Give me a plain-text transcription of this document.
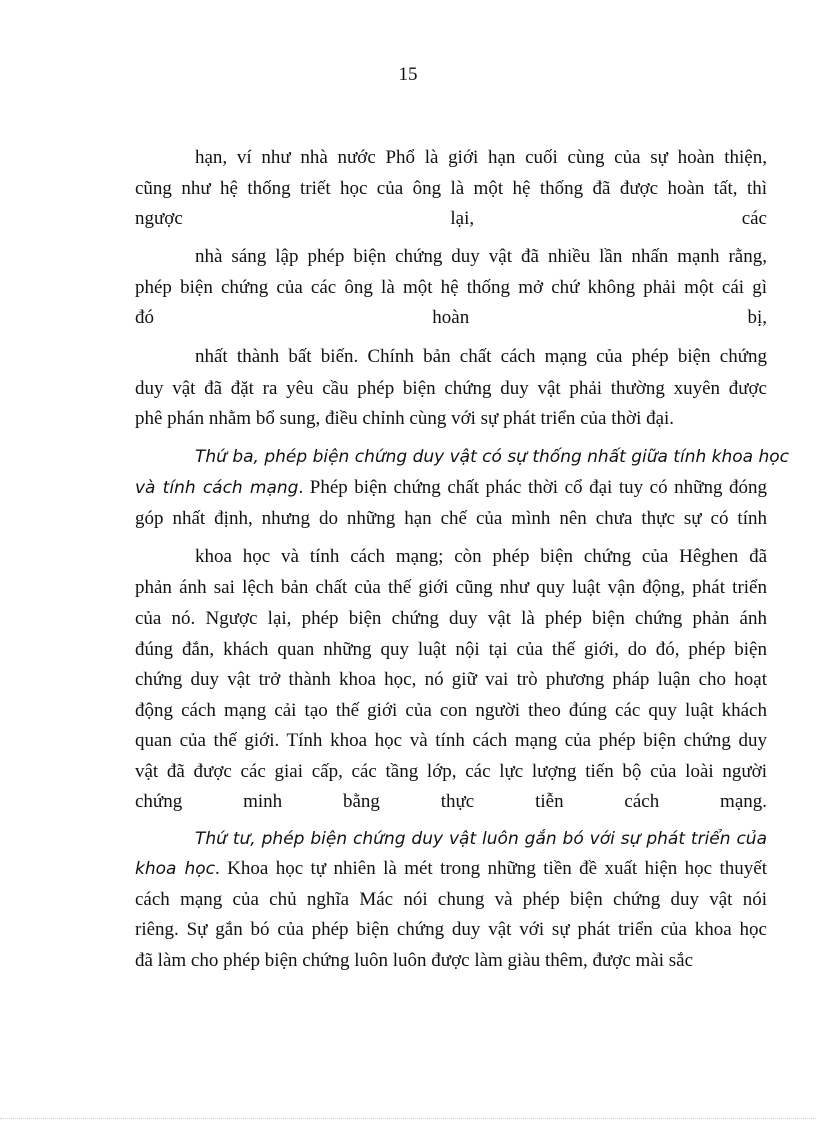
15
hạn, ví như nhà nước Phổ là giới hạn cuối cùng của sự hoàn thiện,
cũng như hệ thống triết học của ông là một hệ thống đã được hoàn tất, thì
ngược lại, các
nhà sáng lập phép biện chứng duy vật đã nhiều lần nhấn mạnh rằng,
phép biện chứng của các ông là một hệ thống mở chứ không phải một cái gì
đó hoàn bị,
nhất thành bất biến. Chính bản chất cách mạng của phép biện chứng
duy vật đã đặt ra yêu cầu phép biện chứng duy vật phải thường xuyên được
phê phán nhằm bổ sung, điều chỉnh cùng với sự phát triển của thời đại.
Thứ ba, phép biện chứng duy vật có sự thống nhất giữa tính khoa học
và tính cách mạng. Phép biện chứng chất phác thời cổ đại tuy có những đóng
góp nhất định, nhưng do những hạn chế của mình nên chưa thực sự có tính
khoa học và tính cách mạng; còn phép biện chứng của Hêghen đã
phản ánh sai lệch bản chất của thế giới cũng như quy luật vận động, phát triển
của nó. Ngược lại, phép biện chứng duy vật là phép biện chứng phản ánh
đúng đắn, khách quan những quy luật nội tại của thế giới, do đó, phép biện
chứng duy vật trở thành khoa học, nó giữ vai trò phương pháp luận cho hoạt
động cách mạng cải tạo thế giới của con người theo đúng các quy luật khách
quan của thế giới. Tính khoa học và tính cách mạng của phép biện chứng duy
vật đã được các giai cấp, các tầng lớp, các lực lượng tiến bộ của loài người
chứng minh bằng thực tiễn cách mạng.
Thứ tư, phép biện chứng duy vật luôn gắn bó với sự phát triển của
khoa học. Khoa học tự nhiên là mét trong những tiền đề xuất hiện học thuyết
cách mạng của chủ nghĩa Mác nói chung và phép biện chứng duy vật nói
riêng. Sự gắn bó của phép biện chứng duy vật với sự phát triển của khoa học
đã làm cho phép biện chứng luôn luôn được làm giàu thêm, được mài sắc
